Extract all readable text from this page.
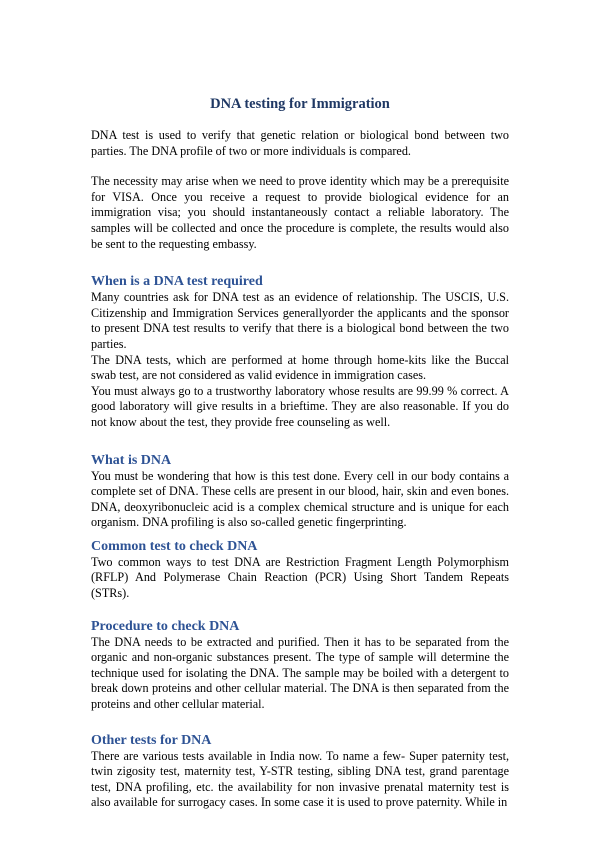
DNA testing for Immigration

DNA test is used to verify that genetic relation or biological bond between two parties. The DNA profile of two or more individuals is compared.

The necessity may arise when we need to prove identity which may be a prerequisite for VISA. Once you receive a request to provide biological evidence for an immigration visa; you should instantaneously contact a reliable laboratory. The samples will be collected and once the procedure is complete, the results would also be sent to the requesting embassy.

When is a DNA test required

Many countries ask for DNA test as an evidence of relationship. The USCIS, U.S. Citizenship and Immigration Services generallyorder the applicants and the sponsor to present DNA test results to verify that there is a biological bond between the two parties.

The DNA tests, which are performed at home through home-kits like the Buccal swab test, are not considered as valid evidence in immigration cases.

You must always go to a trustworthy laboratory whose results are 99.99 % correct. A good laboratory will give results in a brieftime. They are also reasonable. If you do not know about the test, they provide free counseling as well.

What is DNA

You must be wondering that how is this test done. Every cell in our body contains a complete set of DNA. These cells are present in our blood, hair, skin and even bones. DNA, deoxyribonucleic acid is a complex chemical structure and is unique for each organism. DNA profiling is also so-called genetic fingerprinting.

Common test to check DNA

Two common ways to test DNA are Restriction Fragment Length Polymorphism (RFLP) And Polymerase Chain Reaction (PCR) Using Short Tandem Repeats (STRs).

Procedure to check DNA

The DNA needs to be extracted and purified. Then it has to be separated from the organic and non-organic substances present. The type of sample will determine the technique used for isolating the DNA. The sample may be boiled with a detergent to break down proteins and other cellular material. The DNA is then separated from the proteins and other cellular material.

Other tests for DNA

There are various tests available in India now. To name a few- Super paternity test, twin zigosity test, maternity test, Y-STR testing, sibling DNA test, grand parentage test, DNA profiling, etc. the availability for non invasive prenatal maternity test is also available for surrogacy cases. In some case it is used to prove paternity. While in
